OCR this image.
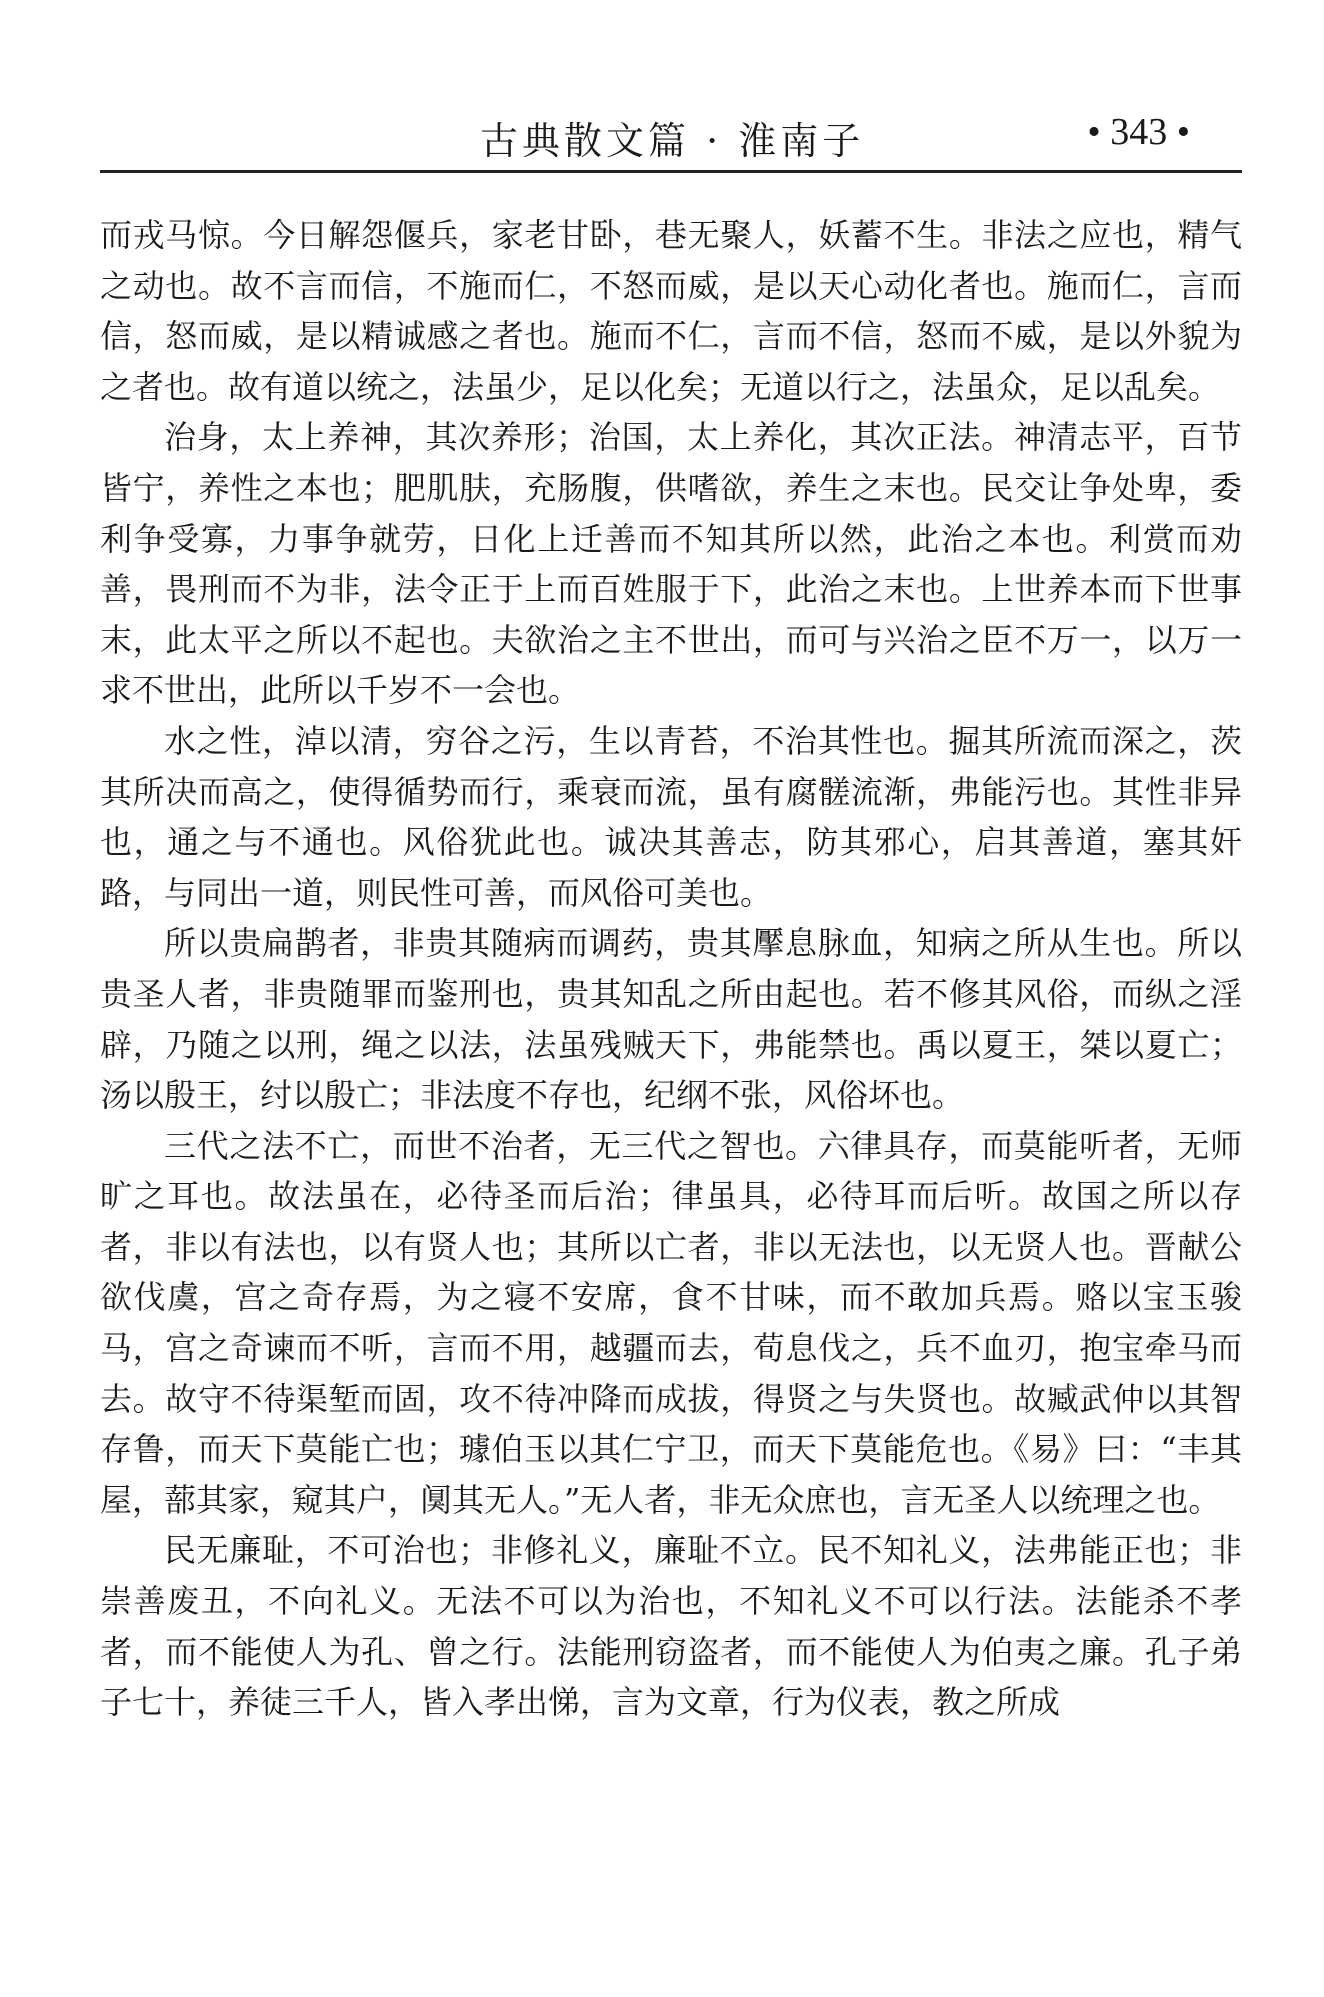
古典散文篇 · 淮南子	• 343 •

而戎马惊。今日解怨偃兵，家老甘卧，巷无聚人，妖蓄不生。非法之应也，精气之动也。故不言而信，不施而仁，不怒而威，是以天心动化者也。施而仁，言而信，怒而威，是以精诚感之者也。施而不仁，言而不信，怒而不威，是以外貌为之者也。故有道以统之，法虽少，足以化矣；无道以行之，法虽众，足以乱矣。

治身，太上养神，其次养形；治国，太上养化，其次正法。神清志平，百节皆宁，养性之本也；肥肌肤，充肠腹，供嗜欲，养生之末也。民交让争处卑，委利争受寡，力事争就劳，日化上迁善而不知其所以然，此治之本也。利赏而劝善，畏刑而不为非，法令正于上而百姓服于下，此治之末也。上世养本而下世事末，此太平之所以不起也。夫欲治之主不世出，而可与兴治之臣不万一，以万一求不世出，此所以千岁不一会也。

水之性，淖以清，穷谷之污，生以青苔，不治其性也。掘其所流而深之，茨其所决而高之，使得循势而行，乘衰而流，虽有腐髊流渐，弗能污也。其性非异也，通之与不通也。风俗犹此也。诚决其善志，防其邪心，启其善道，塞其奸路，与同出一道，则民性可善，而风俗可美也。

所以贵扁鹊者，非贵其随病而调药，贵其擪息脉血，知病之所从生也。所以贵圣人者，非贵随罪而鉴刑也，贵其知乱之所由起也。若不修其风俗，而纵之淫辟，乃随之以刑，绳之以法，法虽残贼天下，弗能禁也。禹以夏王，桀以夏亡；汤以殷王，纣以殷亡；非法度不存也，纪纲不张，风俗坏也。

三代之法不亡，而世不治者，无三代之智也。六律具存，而莫能听者，无师旷之耳也。故法虽在，必待圣而后治；律虽具，必待耳而后听。故国之所以存者，非以有法也，以有贤人也；其所以亡者，非以无法也，以无贤人也。晋献公欲伐虞，宫之奇存焉，为之寝不安席，食不甘味，而不敢加兵焉。赂以宝玉骏马，宫之奇谏而不听，言而不用，越疆而去，荀息伐之，兵不血刃，抱宝牵马而去。故守不待渠堑而固，攻不待冲降而成拔，得贤之与失贤也。故臧武仲以其智存鲁，而天下莫能亡也；璩伯玉以其仁宁卫，而天下莫能危也。《易》曰：“丰其屋，蔀其家，窥其户，阒其无人。”无人者，非无众庶也，言无圣人以统理之也。

民无廉耻，不可治也；非修礼义，廉耻不立。民不知礼义，法弗能正也；非崇善废丑，不向礼义。无法不可以为治也，不知礼义不可以行法。法能杀不孝者，而不能使人为孔、曾之行。法能刑窃盗者，而不能使人为伯夷之廉。孔子弟子七十，养徒三千人，皆入孝出悌，言为文章，行为仪表，教之所成
